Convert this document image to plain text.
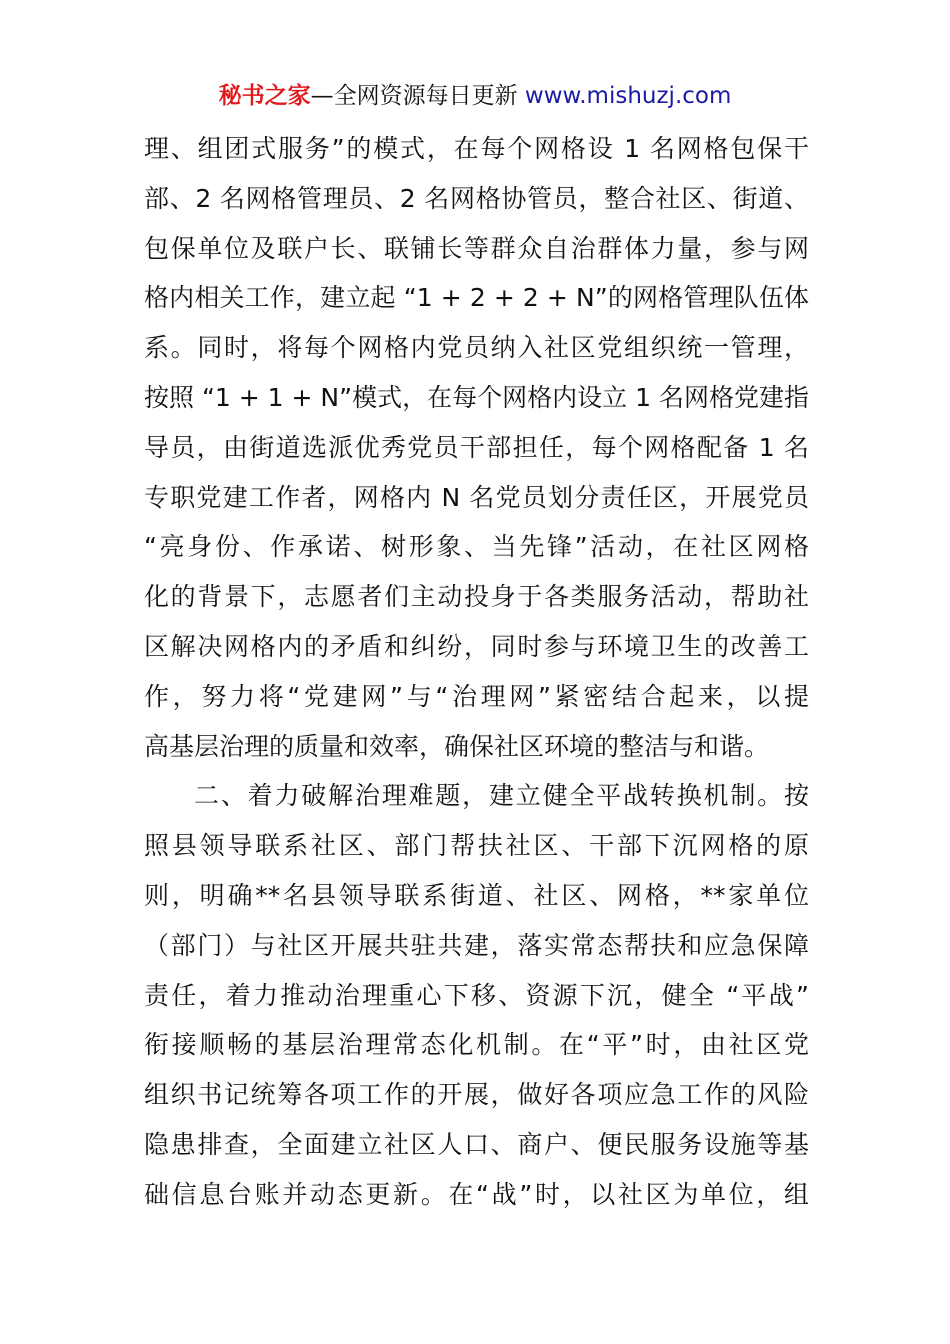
秘书之家—全网资源每日更新 www.mishuzj.com
理、组团式服务”的模式，在每个网格设 1 名网格包保干
部、2 名网格管理员、2 名网格协管员，整合社区、街道、
包保单位及联户长、联铺长等群众自治群体力量，参与网
格内相关工作，建立起 “1 + 2 + 2 + N”的网格管理队伍体
系。同时，将每个网格内党员纳入社区党组织统一管理，
按照 “1 + 1 + N”模式，在每个网格内设立 1 名网格党建指
导员，由街道选派优秀党员干部担任，每个网格配备 1 名
专职党建工作者，网格内 N 名党员划分责任区，开展党员
“亮身份、作承诺、树形象、当先锋”活动，在社区网格
化的背景下，志愿者们主动投身于各类服务活动，帮助社
区解决网格内的矛盾和纠纷，同时参与环境卫生的改善工
作，努力将“党建网”与“治理网”紧密结合起来，以提
高基层治理的质量和效率，确保社区环境的整洁与和谐。
二、着力破解治理难题，建立健全平战转换机制。按
照县领导联系社区、部门帮扶社区、干部下沉网格的原
则，明确**名县领导联系街道、社区、网格，**家单位
（部门）与社区开展共驻共建，落实常态帮扶和应急保障
责任，着力推动治理重心下移、资源下沉，健全 “平战”
衔接顺畅的基层治理常态化机制。在“平”时，由社区党
组织书记统筹各项工作的开展，做好各项应急工作的风险
隐患排查，全面建立社区人口、商户、便民服务设施等基
础信息台账并动态更新。在“战”时，以社区为单位，组
